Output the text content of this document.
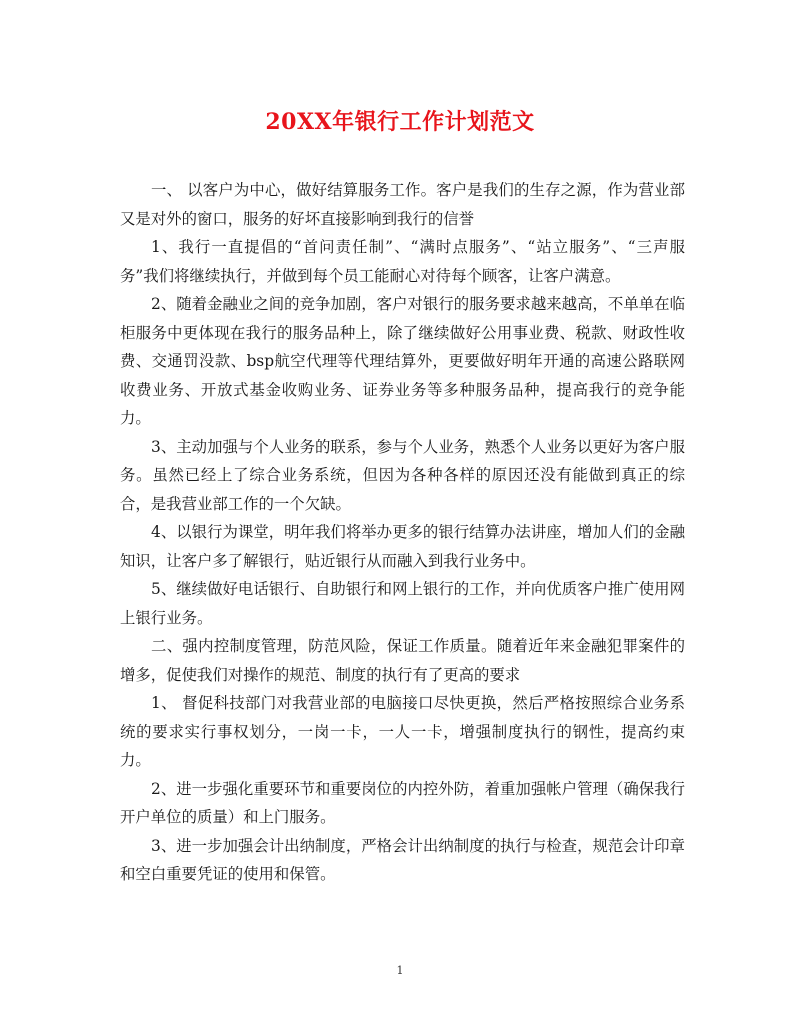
20XX年银行工作计划范文

一、 以客户为中心，做好结算服务工作。客户是我们的生存之源，作为营业部又是对外的窗口，服务的好坏直接影响到我行的信誉

1、我行一直提倡的“首问责任制”、“满时点服务”、“站立服务”、“三声服务”我们将继续执行，并做到每个员工能耐心对待每个顾客，让客户满意。

2、随着金融业之间的竞争加剧，客户对银行的服务要求越来越高，不单单在临柜服务中更体现在我行的服务品种上，除了继续做好公用事业费、税款、财政性收费、交通罚没款、bsp航空代理等代理结算外，更要做好明年开通的高速公路联网收费业务、开放式基金收购业务、证券业务等多种服务品种，提高我行的竞争能力。

3、主动加强与个人业务的联系，参与个人业务，熟悉个人业务以更好为客户服务。虽然已经上了综合业务系统，但因为各种各样的原因还没有能做到真正的综合，是我营业部工作的一个欠缺。

4、以银行为课堂，明年我们将举办更多的银行结算办法讲座，增加人们的金融知识，让客户多了解银行，贴近银行从而融入到我行业务中。

5、继续做好电话银行、自助银行和网上银行的工作，并向优质客户推广使用网上银行业务。

二、强内控制度管理，防范风险，保证工作质量。随着近年来金融犯罪案件的增多，促使我们对操作的规范、制度的执行有了更高的要求

1、 督促科技部门对我营业部的电脑接口尽快更换，然后严格按照综合业务系统的要求实行事权划分，一岗一卡，一人一卡，增强制度执行的钢性，提高约束力。

2、进一步强化重要环节和重要岗位的内控外防，着重加强帐户管理（确保我行开户单位的质量）和上门服务。

3、进一步加强会计出纳制度，严格会计出纳制度的执行与检查，规范会计印章和空白重要凭证的使用和保管。

1
